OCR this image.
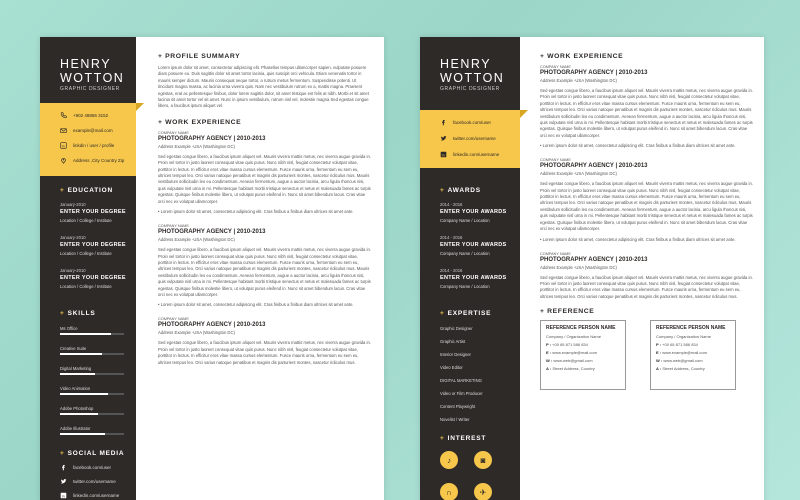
HENRY
WOTTON
GRAPHIC DESIGNER
+902 48865 3152
example@mail.com
in linkdin / user / profile
Address ,City Country Zip
+ EDUCATION
January-2010
ENTER YOUR DEGREE
Location / College / Institute
January-2010
ENTER YOUR DEGREE
Location / College / Institute
January-2010
ENTER YOUR DEGREE
Location / College / Institute
+ SKILLS
Ms Office
Creative Suite
Digital Marketing
Video Animation
Adobe Photoshop
Adobe Illustrator
+ SOCIAL MEDIA
facebook.com/user
twitter.com/username
in linkedin.com/username
+ PROFILE SUMMARY
Lorem ipsum dolor sit amet, consectetur adipiscing elit. Phasellus tempus ullamcorper sapien, vulputate posuere diam posuere eu. Duis sagittis dolor sit amet tortor lacinia, quis suscipit orci vehicula. Etiam venenatis tortor in mauris semper dictum. Mauris consequat neque tortor, a rutrum metus fermentum. Suspendisse potenti. Ut tincidunt magna massa, ac lacinia urna viverra quis. Nam nec vestibulum rutrum ex a, mattis magna. Praesent egestas, erat ac pellentesque finibus, dolor lorem sagittis dolor, sit amet tristique est felis at nibh. Morbi et sit amet lacinia sit amet tortor vel sit amet. Nunc in ipsum vestibulum, rutrum nisl vel, molestie magna Sed egestas congue libero, a faucibus ipsum aliquet vel.
+ WORK EXPERIENCE
COMPANY NAME
PHOTOGRAPHY AGENCY | 2010-2013
Address Example -USA (Washington DC)
Sed egestas congue libero, a faucibus ipsum aliquet vel. Mauris viverra mattis metus, nec viverra augue gravida in. Proin vel tortor in justo laoreet consequat vitae quis purus. Nunc nibh nisl, feugiat consectetur volutpat vitae, porttitor in lectus. In efficitur eros vitae massa cursus elementum. Fusce mauris urna, fermentum eu sem eu, ultrices tempus leo. Orci varius natoque penatibus et magnis dis parturient montes, nascetur ridiculus mus. Mauris vestibulum sollicitudin leo eu condimentum. Aenean fermentum, augue a auctor lacinia, arcu ligula rhoncus nisi, quis vulputate nisl urna in mi. Pellentesque habitant morbi tristique senectus et netus et malesuada fames ac turpis egestas. Quisque finibus molestie libero, ut volutpat purus eleifend in. Nunc sit amet bibendum lacus. Cras vitae orci nec ex volutpat ullamcorper.
• Lorem ipsum dolor sit amet, consectetur adipiscing elit. Cras finibus a finibus diam ultrices sit amet ante.
COMPANY NAME
PHOTOGRAPHY AGENCY | 2010-2013
Address Example -USA (Washington DC)
Sed egestas congue libero, a faucibus ipsum aliquet vel. Mauris viverra mattis metus, nec viverra augue gravida in. Proin vel tortor in justo laoreet consequat vitae quis purus. Nunc nibh nisl, feugiat consectetur volutpat vitae, porttitor in lectus. In efficitur eros vitae massa cursus elementum. Fusce mauris urna, fermentum eu sem eu, ultrices tempus leo. Orci varius natoque penatibus et magnis dis parturient montes, nascetur ridiculus mus. Mauris vestibulum sollicitudin leo eu condimentum. Aenean fermentum, augue a auctor lacinia, arcu ligula rhoncus nisi, quis vulputate nisl urna in mi. Pellentesque habitant morbi tristique senectus et netus et malesuada fames ac turpis egestas. Quisque finibus molestie libero, ut volutpat purus eleifend in. Nunc sit amet bibendum lacus. Cras vitae orci nec ex volutpat ullamcorper.
• Lorem ipsum dolor sit amet, consectetur adipiscing elit. Cras finibus a finibus diam ultrices sit amet ante.
COMPANY NAME
PHOTOGRAPHY AGENCY | 2010-2013
Address Example -USA (Washington DC)
Sed egestas congue libero, a faucibus ipsum aliquet vel. Mauris viverra mattis metus, nec viverra augue gravida in. Proin vel tortor in justo laoreet consequat vitae quis purus. Nunc nibh nisl, feugiat consectetur volutpat vitae, porttitor in lectus. In efficitur eros vitae massa cursus elementum. Fusce mauris urna, fermentum eu sem eu, ultrices tempus leo. Orci varius natoque penatibus et magnis dis parturient montes, nascetur ridiculus mus.
HENRY
WOTTON
GRAPHIC DESIGNER
facebook.com/user
twitter.com/username
in linkedin.com/username
+ AWARDS
2014 - 2016
ENTER YOUR AWARDS
Company Name / Location
2014 - 2016
ENTER YOUR AWARDS
Company Name / Location
2014 - 2016
ENTER YOUR AWARDS
Company Name / Location
+ EXPERTISE
Graphic Designer
Graphic Artist
Interior Designer
Video Editor
DIGITAL MARKETING
Video or Film Producer
Content Playwright
Novelist / Writer
+ INTEREST
♪	◙
∩	✈
+ WORK EXPERIENCE
COMPANY NAME
PHOTOGRAPHY AGENCY | 2010-2013
Address Example -USA (Washington DC)
Sed egestas congue libero, a faucibus ipsum aliquet vel. Mauris viverra mattis metus, nec viverra augue gravida in. Proin vel tortor in justo laoreet consequat vitae quis purus. Nunc nibh nisl, feugiat consectetur volutpat vitae, porttitor in lectus. In efficitur eros vitae massa cursus elementum. Fusce mauris urna, fermentum eu sem eu, ultrices tempus leo. Orci varius natoque penatibus et magnis dis parturient montes, nascetur ridiculus mus. Mauris vestibulum sollicitudin leo eu condimentum. Aenean fermentum, augue a auctor lacinia, arcu ligula rhoncus nisi, quis vulputate nisl urna in mi. Pellentesque habitant morbi tristique senectus et netus et malesuada fames ac turpis egestas. Quisque finibus molestie libero, ut volutpat purus eleifend in. Nunc sit amet bibendum lacus. Cras vitae orci nec ex volutpat ullamcorper.
• Lorem ipsum dolor sit amet, consectetur adipiscing elit. Cras finibus a finibus diam ultrices sit amet ante.
COMPANY NAME
PHOTOGRAPHY AGENCY | 2010-2013
Address Example -USA (Washington DC)
Sed egestas congue libero, a faucibus ipsum aliquet vel. Mauris viverra mattis metus, nec viverra augue gravida in. Proin vel tortor in justo laoreet consequat vitae quis purus. Nunc nibh nisl, feugiat consectetur volutpat vitae, porttitor in lectus. In efficitur eros vitae massa cursus elementum. Fusce mauris urna, fermentum eu sem eu, ultrices tempus leo. Orci varius natoque penatibus et magnis dis parturient montes, nascetur ridiculus mus. Mauris vestibulum sollicitudin leo eu condimentum. Aenean fermentum, augue a auctor lacinia, arcu ligula rhoncus nisi, quis vulputate nisl urna in mi. Pellentesque habitant morbi tristique senectus et netus et malesuada fames ac turpis egestas. Quisque finibus molestie libero, ut volutpat purus eleifend in. Nunc sit amet bibendum lacus. Cras vitae orci nec ex volutpat ullamcorper.
• Lorem ipsum dolor sit amet, consectetur adipiscing elit. Cras finibus a finibus diam ultrices sit amet ante.
COMPANY NAME
PHOTOGRAPHY AGENCY | 2010-2013
Address Example -USA (Washington DC)
Sed egestas congue libero, a faucibus ipsum aliquet vel. Mauris viverra mattis metus, nec viverra augue gravida in. Proin vel tortor in justo laoreet consequat vitae quis purus. Nunc nibh nisl, feugiat consectetur volutpat vitae, porttitor in lectus. In efficitur eros vitae massa cursus elementum. Fusce mauris urna, fermentum eu sem eu, ultrices tempus leo. Orci varius natoque penatibus et magnis dis parturient montes, nascetur ridiculus mus.
+ REFERENCE
REFERENCE PERSON NAME
Company / Organization Name
P : +00 65 871 586 834
E : www.example@mail.com
W : www.web@gmail.com
A : Street Address, Country
REFERENCE PERSON NAME
Company / Organization Name
P : +00 65 871 586 834
E : www.example@mail.com
W : www.web@gmail.com
A : Street Address, Country
